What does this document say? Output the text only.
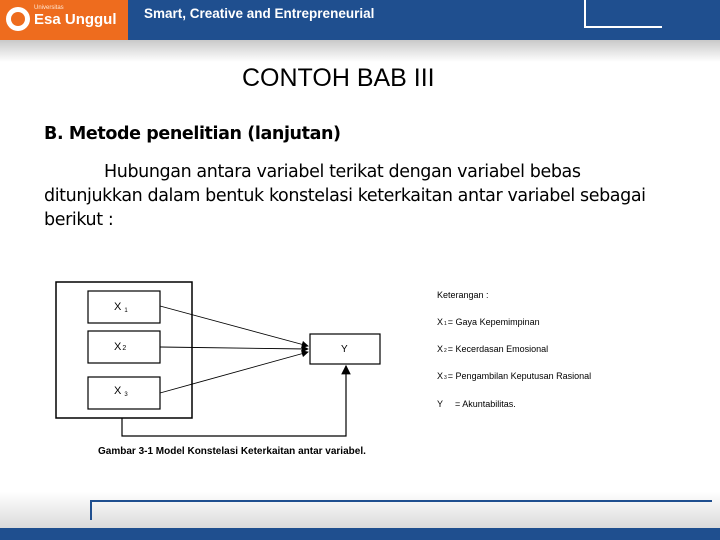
Universitas
Esa Unggul Smart, Creative and Entrepreneurial
CONTOH BAB III
B. Metode penelitian (lanjutan)
Hubungan antara variabel terikat dengan variabel bebas ditunjukkan dalam bentuk konstelasi keterkaitan antar variabel sebagai berikut :
X 1
X2
X 3
Y
Gambar 3-1 Model Konstelasi Keterkaitan antar variabel.
Keterangan :
X1= Gaya Kepemimpinan
X2= Kecerdasan Emosional
X3= Pengambilan Keputusan Rasional
Y = Akuntabilitas.
